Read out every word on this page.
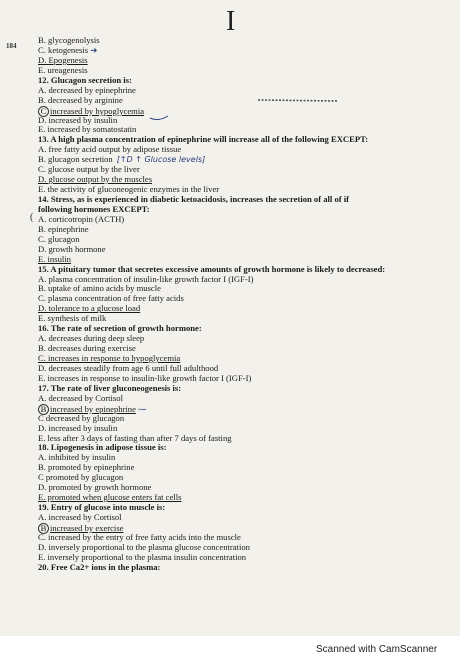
I
184
(
B. glycogenolysis
C. ketogenesis ➜
D. Epogenesis
E. ureagenesis
12. Glucagon secretion is:
A. decreased by epinephrine
B. decreased by arginine
C increased by hypoglycemia
D. increased by insulin
E. increased by somatostatin
13. A high plasma concentration of epinephrine will increase all of the following EXCEPT:
A. free fatty acid output by adipose tissue
B. glucagon secretion [↑D ↑ Glucose levels]
C. glucose output by the liver
D. glucose output by the muscles
E. the activity of gluconeogenic enzymes in the liver
14. Stress, as is experienced in diabetic ketoacidosis, increases the secretion of all of if
following hormones EXCEPT:
A. corticotropin (ACTH)
B. epinephrine
C. glucagon
D. growth hormone
E. insulin
15. A pituitary tumor that secretes excessive amounts of growth hormone is likely to decreased:
A. plasma concentration of insulin-like growth factor I (IGF-I)
B. uptake of amino acids by muscle
C. plasma concentration of free fatty acids
D. tolerance to a glucose load
E. synthesis of milk
16. The rate of secretion of growth hormone:
A. decreases during deep sleep
B. decreases during exercise
C. increases in response to hypoglycemia
D. decreases steadily from age 6 until full adulthood
E. increases in response to insulin-like growth factor I (IGF-I)
17. The rate of liver gluconeogenesis is:
A. decreased by Cortisol
B increased by epinephrine ⁓
C decreased by glucagon
D. increased by insulin
E. less after 3 days of fasting than after 7 days of fasting
18. Lipogenesis in adipose tissue is:
A. inhibited by insulin
B. promoted by epinephrine
C promoted by glucagon
D. promoted by growth hormone
E. promoted when glucose enters fat cells
19. Entry of glucose into muscle is:
A. increased by Cortisol
B increased by exercise
C. increased by the entry of free fatty acids into the muscle
D. inversely proportional to the plasma glucose concentration
E. inversely proportional to the plasma insulin concentration
20. Free Ca2+ ions in the plasma:
Scanned with CamScanner
